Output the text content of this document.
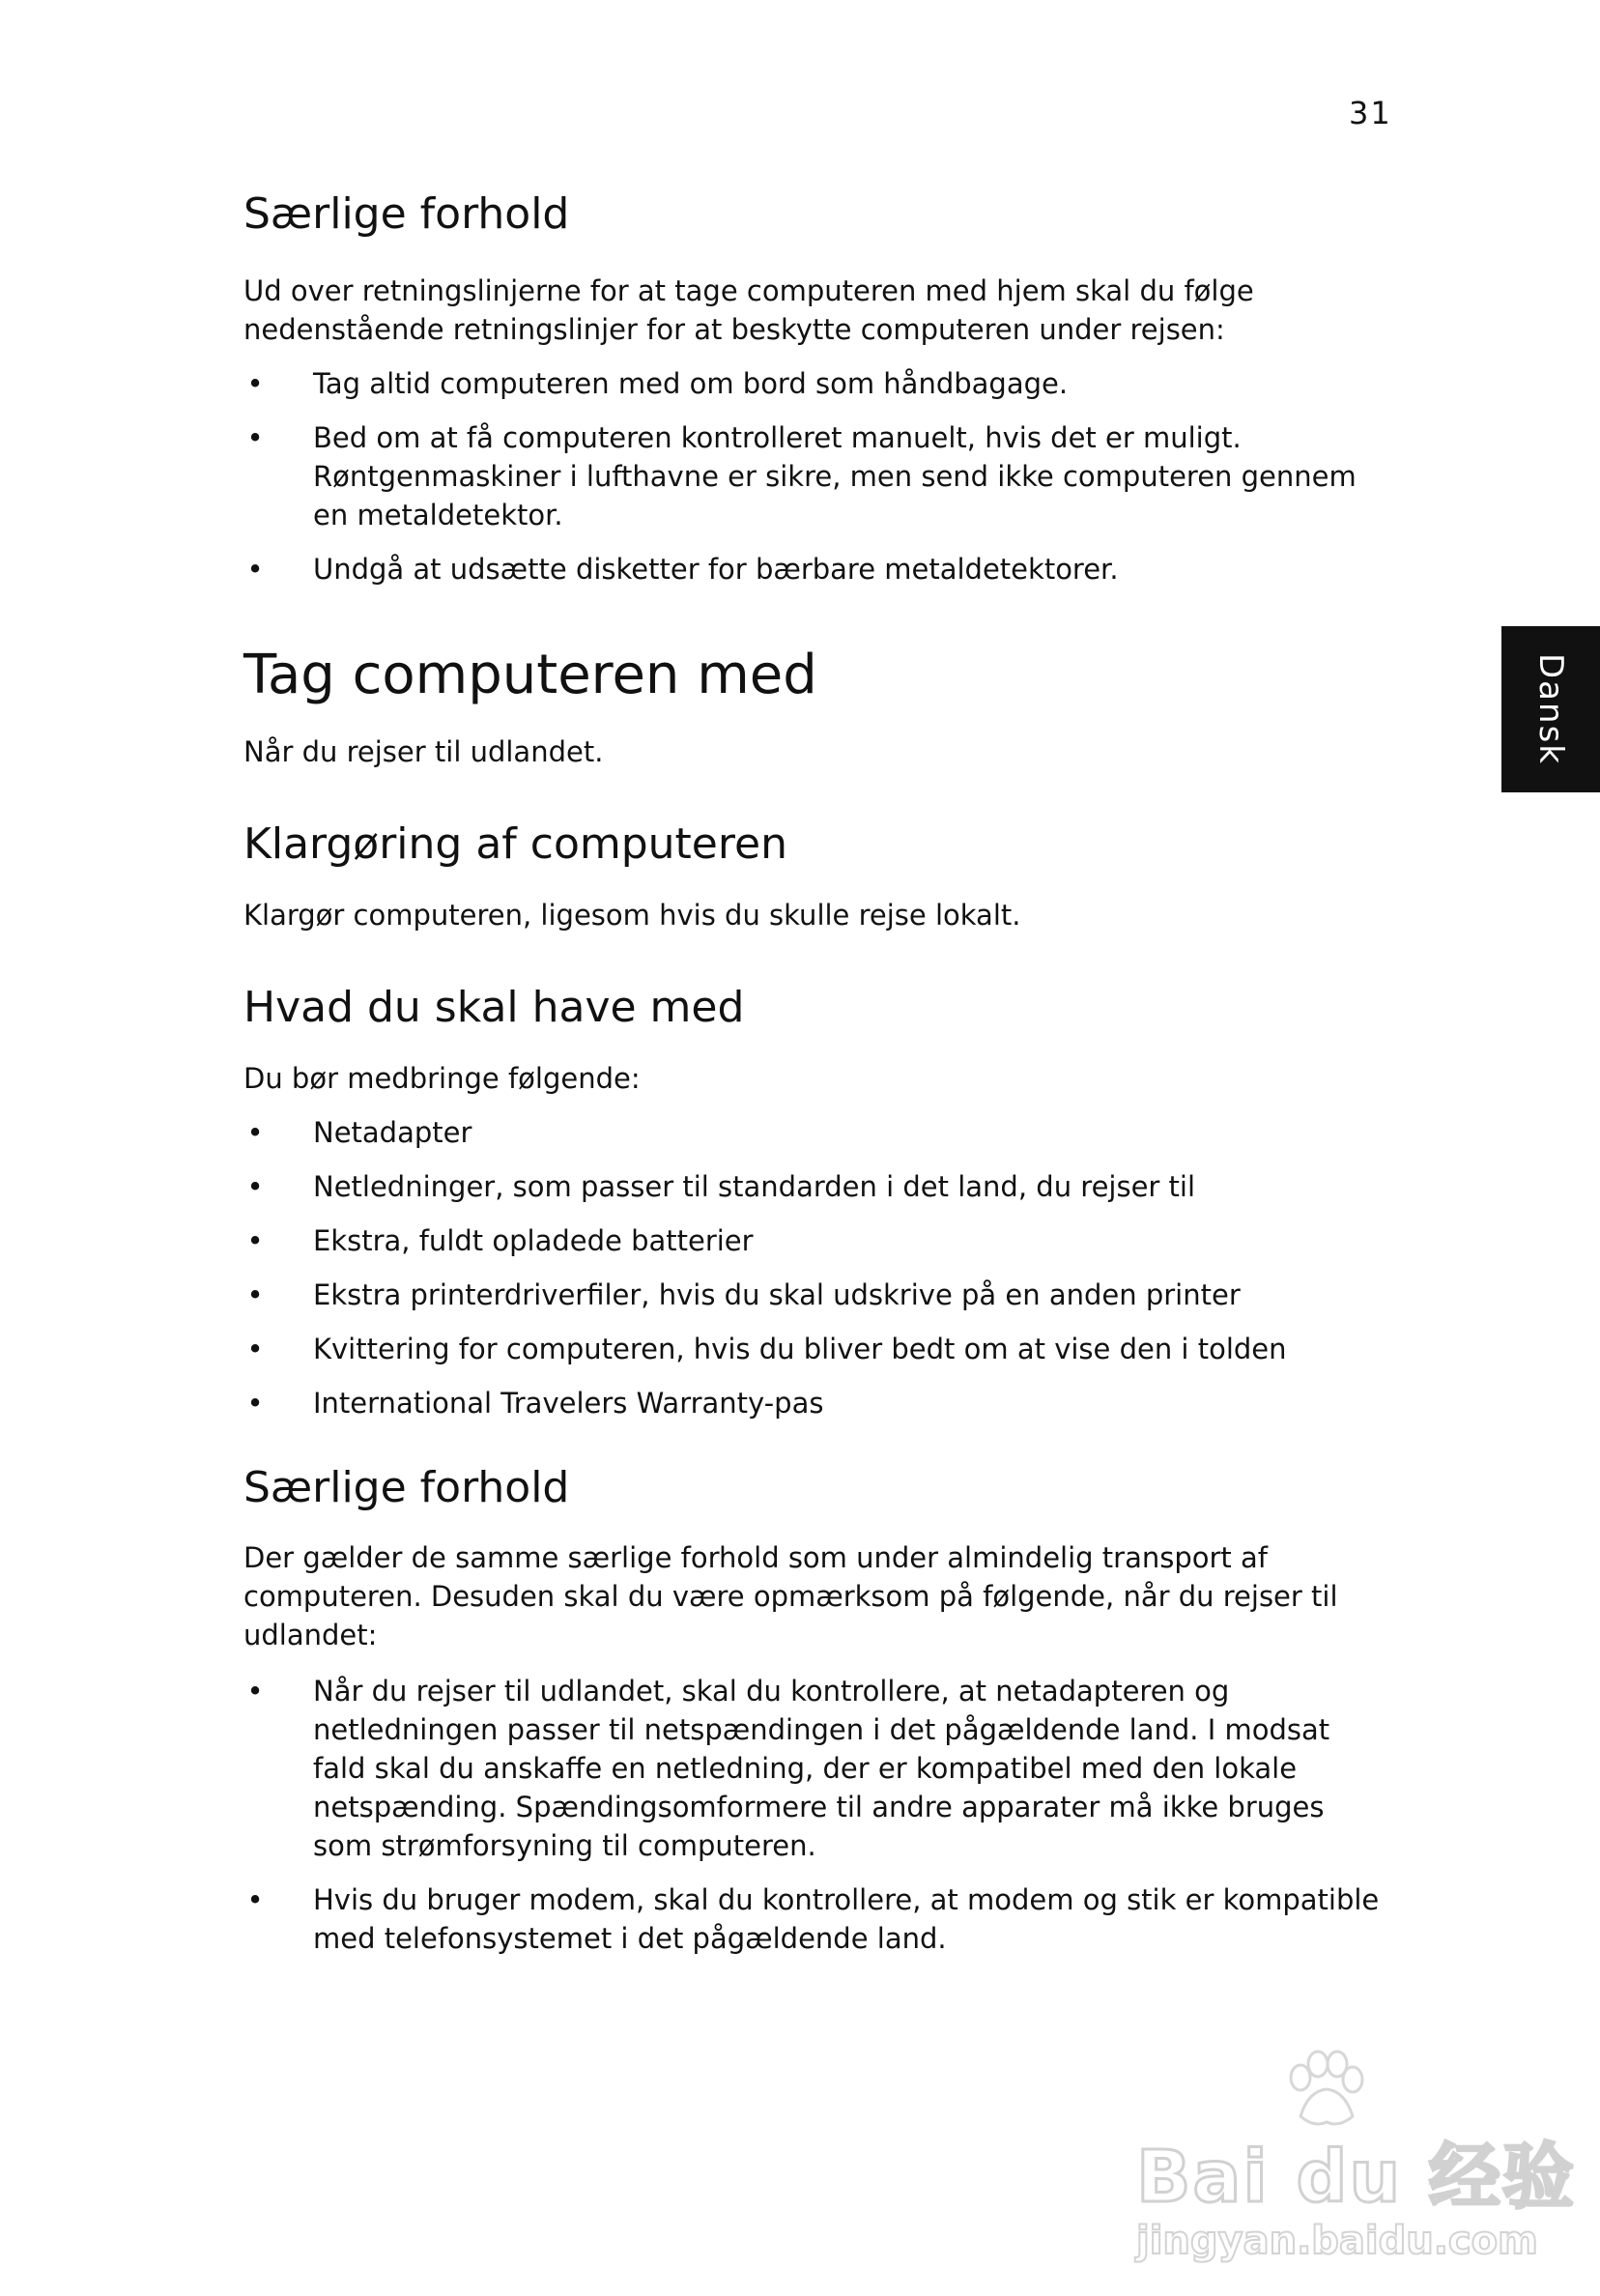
31
Dansk
Særlige forhold

Ud over retningslinjerne for at tage computeren med hjem skal du følge nedenstående retningslinjer for at beskytte computeren under rejsen:

• Tag altid computeren med om bord som håndbagage.
• Bed om at få computeren kontrolleret manuelt, hvis det er muligt. Røntgenmaskiner i lufthavne er sikre, men send ikke computeren gennem en metaldetektor.
• Undgå at udsætte disketter for bærbare metaldetektorer.
Tag computeren med

Når du rejser til udlandet.

Klargøring af computeren

Klargør computeren, ligesom hvis du skulle rejse lokalt.

Hvad du skal have med

Du bør medbringe følgende:

• Netadapter
• Netledninger, som passer til standarden i det land, du rejser til
• Ekstra, fuldt opladede batterier
• Ekstra printerdriverfiler, hvis du skal udskrive på en anden printer
• Kvittering for computeren, hvis du bliver bedt om at vise den i tolden
• International Travelers Warranty-pas
Særlige forhold

Der gælder de samme særlige forhold som under almindelig transport af computeren. Desuden skal du være opmærksom på følgende, når du rejser til udlandet:

• Når du rejser til udlandet, skal du kontrollere, at netadapteren og netledningen passer til netspændingen i det pågældende land. I modsat fald skal du anskaffe en netledning, der er kompatibel med den lokale netspænding. Spændingsomformere til andre apparater må ikke bruges som strømforsyning til computeren.
• Hvis du bruger modem, skal du kontrollere, at modem og stik er kompatible med telefonsystemet i det pågældende land.
Bai du 经验
jingyan.baidu.com
